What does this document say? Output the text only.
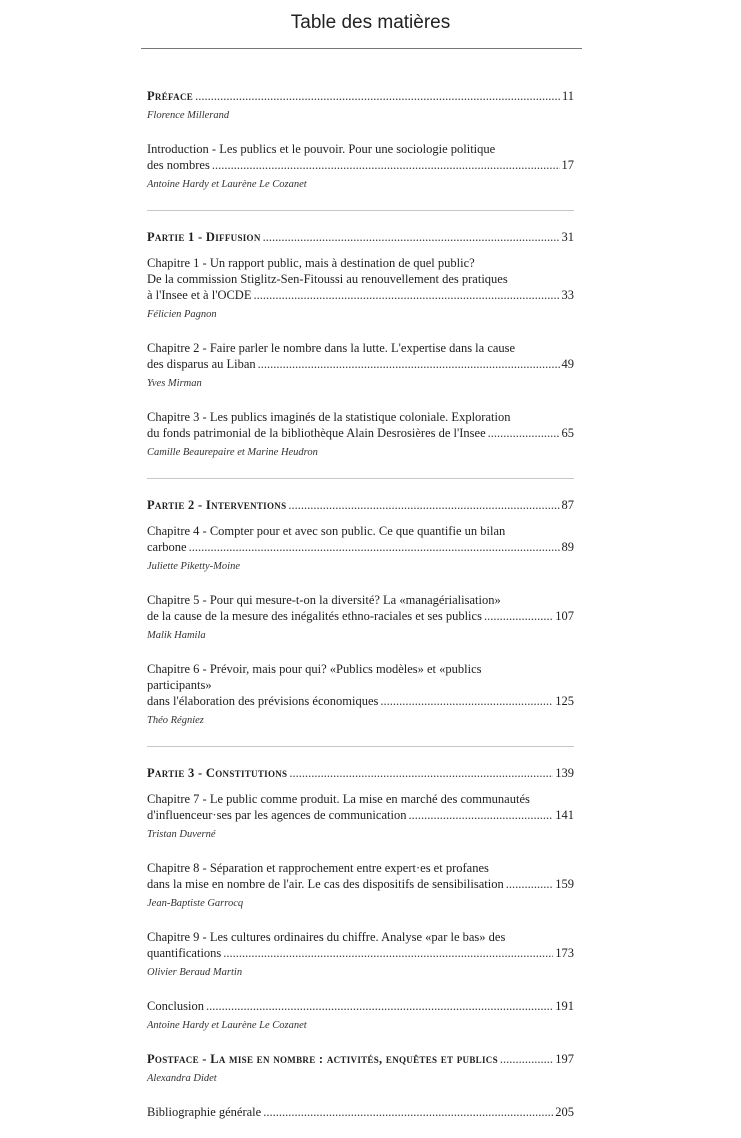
Table des matières
Préface .....	11
Florence Millerand
Introduction - Les publics et le pouvoir. Pour une sociologie politique
des nombres .....	17
Antoine Hardy et Laurène Le Cozanet
Partie 1 - Diffusion .....	31
Chapitre 1 - Un rapport public, mais à destination de quel public?
De la commission Stiglitz-Sen-Fitoussi au renouvellement des pratiques
à l'Insee et à l'OCDE .....	33
Félicien Pagnon
Chapitre 2 - Faire parler le nombre dans la lutte. L'expertise dans la cause
des disparus au Liban .....	49
Yves Mirman
Chapitre 3 - Les publics imaginés de la statistique coloniale. Exploration
du fonds patrimonial de la bibliothèque Alain Desrosières de l'Insee .....	65
Camille Beaurepaire et Marine Heudron
Partie 2 - Interventions .....	87
Chapitre 4 - Compter pour et avec son public. Ce que quantifie un bilan
carbone .....	89
Juliette Piketty-Moine
Chapitre 5 - Pour qui mesure-t-on la diversité? La «managérialisation»
de la cause de la mesure des inégalités ethno-raciales et ses publics .....	107
Malik Hamila
Chapitre 6 - Prévoir, mais pour qui? «Publics modèles» et «publics
participants»
dans l'élaboration des prévisions économiques .....	125
Théo Régniez
Partie 3 - Constitutions .....	139
Chapitre 7 - Le public comme produit. La mise en marché des communautés
d'influenceur·ses par les agences de communication .....	141
Tristan Duverné
Chapitre 8 - Séparation et rapprochement entre expert·es et profanes
dans la mise en nombre de l'air. Le cas des dispositifs de sensibilisation .....	159
Jean-Baptiste Garrocq
Chapitre 9 - Les cultures ordinaires du chiffre. Analyse «par le bas» des
quantifications .....	173
Olivier Beraud Martin
Conclusion .....	191
Antoine Hardy et Laurène Le Cozanet
Postface - La mise en nombre : activités, enquêtes et publics .....	197
Alexandra Didet
Bibliographie générale .....	205
